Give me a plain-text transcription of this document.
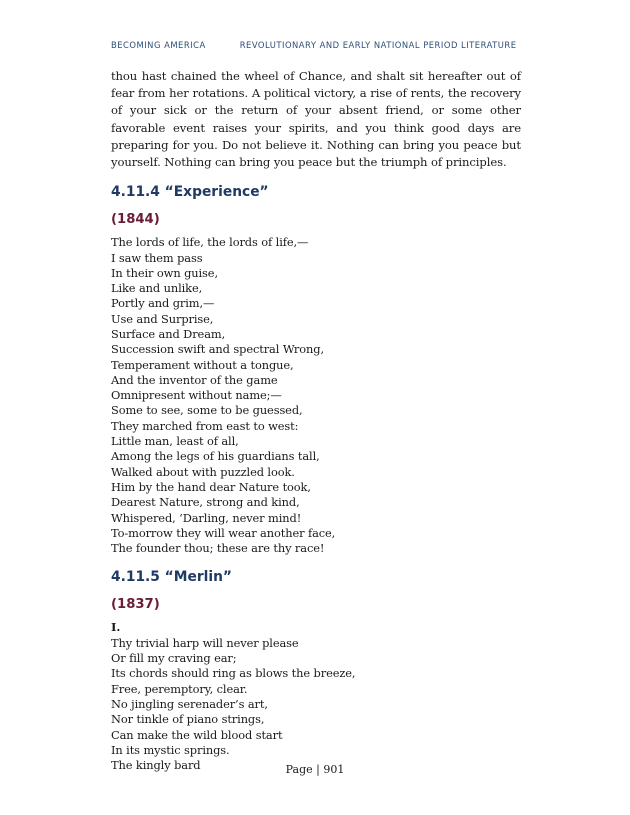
BECOMING AMERICA	REVOLUTIONARY AND EARLY NATIONAL PERIOD LITERATURE

thou hast chained the wheel of Chance, and shalt sit hereafter out of fear from her rotations. A political victory, a rise of rents, the recovery of your sick or the return of your absent friend, or some other favorable event raises your spirits, and you think good days are preparing for you. Do not believe it. Nothing can bring you peace but yourself. Nothing can bring you peace but the triumph of principles.

4.11.4 “Experience”
(1844)
The lords of life, the lords of life,—
I saw them pass
In their own guise,
Like and unlike,
Portly and grim,—
Use and Surprise,
Surface and Dream,
Succession swift and spectral Wrong,
Temperament without a tongue,
And the inventor of the game
Omnipresent without name;—
Some to see, some to be guessed,
They marched from east to west:
Little man, least of all,
Among the legs of his guardians tall,
Walked about with puzzled look.
Him by the hand dear Nature took,
Dearest Nature, strong and kind,
Whispered, ‘Darling, never mind!
To-morrow they will wear another face,
The founder thou; these are thy race!
4.11.5 “Merlin”
(1837)
I.
Thy trivial harp will never please
Or fill my craving ear;
Its chords should ring as blows the breeze,
Free, peremptory, clear.
No jingling serenader’s art,
Nor tinkle of piano strings,
Can make the wild blood start
In its mystic springs.
The kingly bard	Page | 901
